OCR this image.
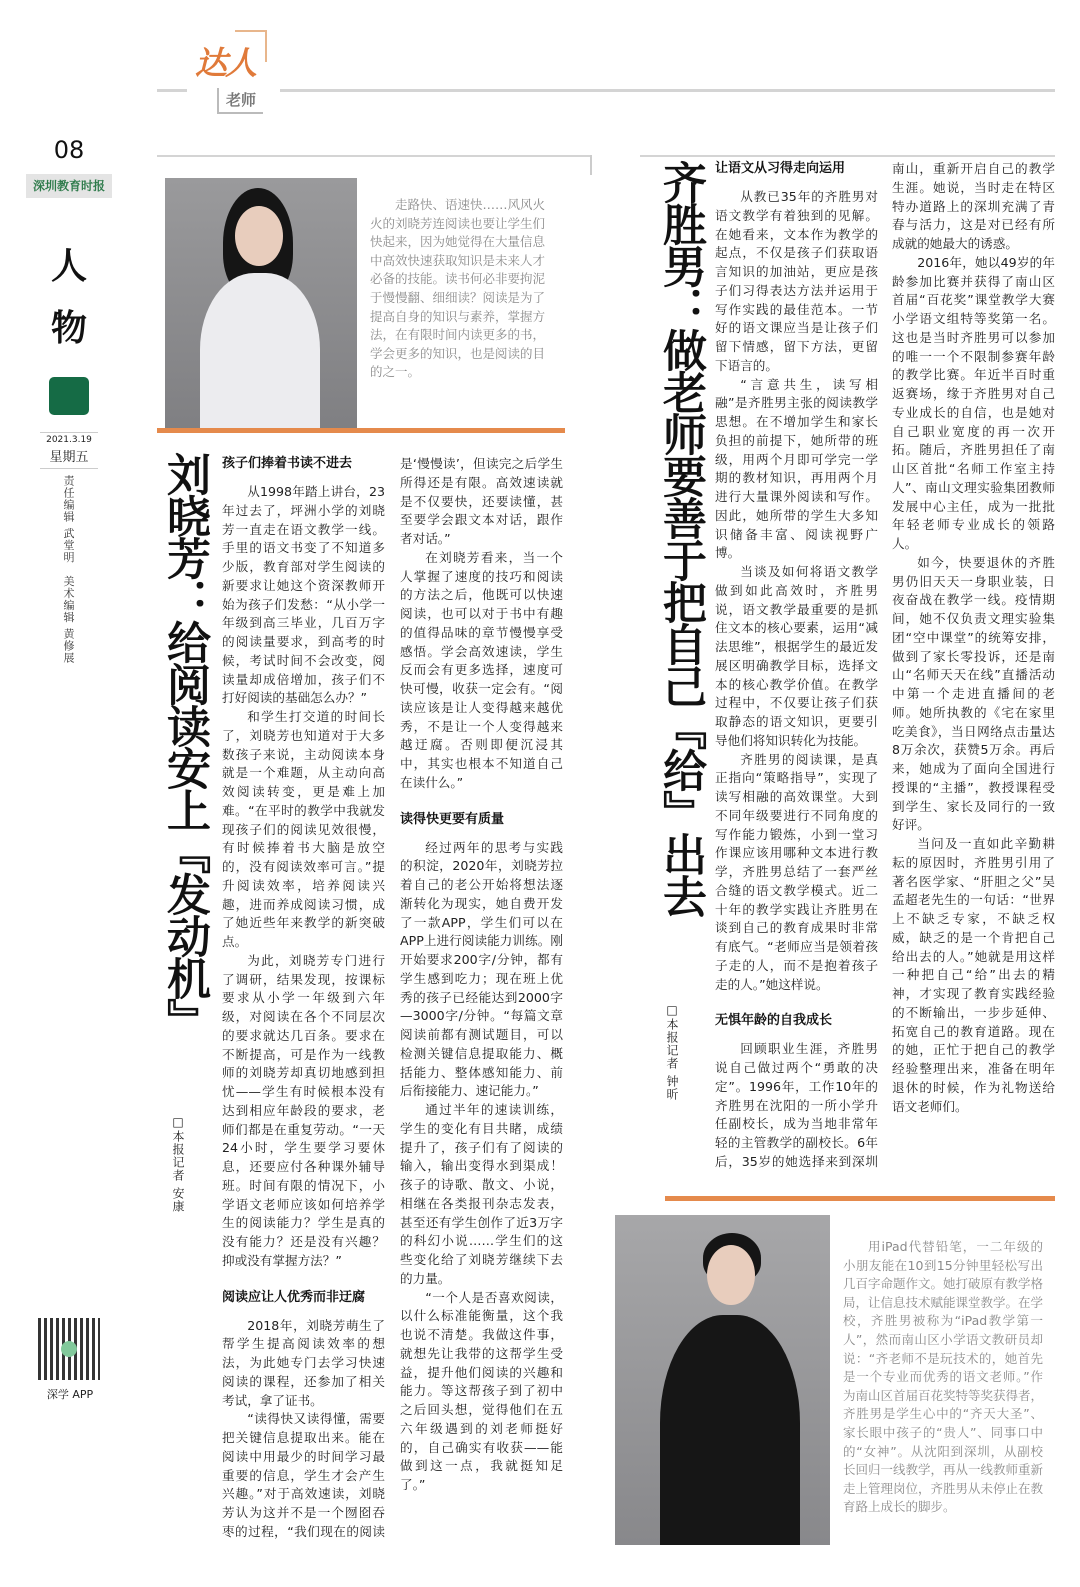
达人
老师
08
深圳教育时报
人
物
2021.3.19
星期五
责任编辑 武堂明　美术编辑 黄修展
深学 APP

走路快、语速快……风风火火的刘晓芳连阅读也要让学生们快起来，因为她觉得在大量信息中高效快速获取知识是未来人才必备的技能。读书何必非要拘泥于慢慢翻、细细读？阅读是为了提高自身的知识与素养，掌握方法，在有限时间内读更多的书，学会更多的知识，也是阅读的目的之一。

刘晓芳：给阅读安上『发动机』
□本报记者 安康
孩子们捧着书读不进去

从1998年踏上讲台，23年过去了，坪洲小学的刘晓芳一直走在语文教学一线。手里的语文书变了不知道多少版，教育部对学生阅读的新要求让她这个资深教师开始为孩子们发愁：“从小学一年级到高三毕业，几百万字的阅读量要求，到高考的时候，考试时间不会改变，阅读量却成倍增加，孩子们不打好阅读的基础怎么办？”

和学生打交道的时间长了，刘晓芳也知道对于大多数孩子来说，主动阅读本身就是一个难题，从主动向高效阅读转变，更是难上加难。“在平时的教学中我就发现孩子们的阅读见效很慢，有时候捧着书大脑是放空的，没有阅读效率可言。”提升阅读效率，培养阅读兴趣，进而养成阅读习惯，成了她近些年来教学的新突破点。

为此，刘晓芳专门进行了调研，结果发现，按课标要求从小学一年级到六年级，对阅读在各个不同层次的要求就达几百条。要求在不断提高，可是作为一线教师的刘晓芳却真切地感到担忧——学生有时候根本没有达到相应年龄段的要求，老师们都是在重复劳动。“一天24小时，学生要学习要休息，还要应付各种课外辅导班。时间有限的情况下，小学语文老师应该如何培养学生的阅读能力？学生是真的没有能力？还是没有兴趣？抑或没有掌握方法？”

阅读应让人优秀而非迂腐

2018年，刘晓芳萌生了帮学生提高阅读效率的想法，为此她专门去学习快速阅读的课程，还参加了相关考试，拿了证书。

“读得快又读得懂，需要把关键信息提取出来。能在阅读中用最少的时间学习最重要的信息，学生才会产生兴趣。”对于高效速读，刘晓芳认为这并不是一个囫囵吞枣的过程，“我们现在的阅读是‘慢慢读’，但读完之后学生所得还是有限。高效速读就是不仅要快，还要读懂，甚至要学会跟文本对话，跟作者对话。”

在刘晓芳看来，当一个人掌握了速度的技巧和阅读的方法之后，他既可以快速阅读，也可以对于书中有趣的值得品味的章节慢慢享受感悟。学会高效速读，学生反而会有更多选择，速度可快可慢，收获一定会有。“阅读应该是让人变得越来越优秀，不是让一个人变得越来越迂腐。否则即便沉浸其中，其实也根本不知道自己在读什么。”

读得快更要有质量

经过两年的思考与实践的积淀，2020年，刘晓芳拉着自己的老公开始将想法逐渐转化为现实，她自费开发了一款APP，学生们可以在APP上进行阅读能力训练。刚开始要求200字/分钟，都有学生感到吃力；现在班上优秀的孩子已经能达到2000字—3000字/分钟。“每篇文章阅读前都有测试题目，可以检测关键信息提取能力、概括能力、整体感知能力、前后衔接能力、速记能力。”

通过半年的速读训练，学生的变化有目共睹，成绩提升了，孩子们有了阅读的输入，输出变得水到渠成！孩子的诗歌、散文、小说，相继在各类报刊杂志发表，甚至还有学生创作了近3万字的科幻小说……学生们的这些变化给了刘晓芳继续下去的力量。

“一个人是否喜欢阅读，以什么标准能衡量，这个我也说不清楚。我做这件事，就想先让我带的这帮学生受益，提升他们阅读的兴趣和能力。等这帮孩子到了初中之后回头想，觉得他们在五六年级遇到的刘老师挺好的，自己确实有收获——能做到这一点，我就挺知足了。”

齐胜男：做老师要善于把自己『给』出去
□本报记者 钟昕
让语文从习得走向运用

从教已35年的齐胜男对语文教学有着独到的见解。在她看来，文本作为教学的起点，不仅是孩子们获取语言知识的加油站，更应是孩子们习得表达方法并运用于写作实践的最佳范本。一节好的语文课应当是让孩子们留下情感，留下方法，更留下语言的。

“言意共生，读写相融”是齐胜男主张的阅读教学思想。在不增加学生和家长负担的前提下，她所带的班级，用两个月即可学完一学期的教材知识，再用两个月进行大量课外阅读和写作。因此，她所带的学生大多知识储备丰富、阅读视野广博。

当谈及如何将语文教学做到如此高效时，齐胜男说，语文教学最重要的是抓住文本的核心要素，运用“减法思维”，根据学生的最近发展区明确教学目标，选择文本的核心教学价值。在教学过程中，不仅要让孩子们获取静态的语文知识，更要引导他们将知识转化为技能。

齐胜男的阅读课，是真正指向“策略指导”，实现了读写相融的高效课堂。大到不同年级要进行不同角度的写作能力锻炼，小到一堂习作课应该用哪种文本进行教学，齐胜男总结了一套严丝合缝的语文教学模式。近二十年的教学实践让齐胜男在谈到自己的教育成果时非常有底气。“老师应当是领着孩子走的人，而不是抱着孩子走的人。”她这样说。

无惧年龄的自我成长

回顾职业生涯，齐胜男说自己做过两个“勇敢的决定”。1996年，工作10年的齐胜男在沈阳的一所小学升任副校长，成为当地非常年轻的主管教学的副校长。6年后，35岁的她选择来到深圳南山，重新开启自己的教学生涯。她说，当时走在特区特办道路上的深圳充满了青春与活力，这是对已经有所成就的她最大的诱惑。

2016年，她以49岁的年龄参加比赛并获得了南山区首届“百花奖”课堂教学大赛小学语文组特等奖第一名。这也是当时齐胜男可以参加的唯一一个不限制参赛年龄的教学比赛。年近半百时重返赛场，缘于齐胜男对自己专业成长的自信，也是她对自己职业宽度的再一次开拓。随后，齐胜男担任了南山区首批“名师工作室主持人”、南山文理实验集团教师发展中心主任，成为一批批年轻老师专业成长的领路人。

如今，快要退休的齐胜男仍旧天天一身职业装，日夜奋战在教学一线。疫情期间，她不仅负责文理实验集团“空中课堂”的统筹安排，做到了家长零投诉，还是南山“名师天天在线”直播活动中第一个走进直播间的老师。她所执教的《宅在家里吃美食》，当日网络点击量达8万余次，获赞5万余。再后来，她成为了面向全国进行授课的“主播”，教授课程受到学生、家长及同行的一致好评。

当问及一直如此辛勤耕耘的原因时，齐胜男引用了著名医学家、“肝胆之父”吴孟超老先生的一句话：“世界上不缺乏专家，不缺乏权威，缺乏的是一个肯把自己给出去的人。”她就是用这样一种把自己“给”出去的精神，才实现了教育实践经验的不断输出，一步步延伸、拓宽自己的教育道路。现在的她，正忙于把自己的教学经验整理出来，准备在明年退休的时候，作为礼物送给语文老师们。

用iPad代替铅笔，一二年级的小朋友能在10到15分钟里轻松写出几百字命题作文。她打破原有教学格局，让信息技术赋能课堂教学。在学校，齐胜男被称为“iPad教学第一人”，然而南山区小学语文教研员却说：“齐老师不是玩技术的，她首先是一个专业而优秀的语文老师。”作为南山区首届百花奖特等奖获得者，齐胜男是学生心中的“齐天大圣”、家长眼中孩子的“贵人”、同事口中的“女神”。从沈阳到深圳，从副校长回归一线教学，再从一线教师重新走上管理岗位，齐胜男从未停止在教育路上成长的脚步。
